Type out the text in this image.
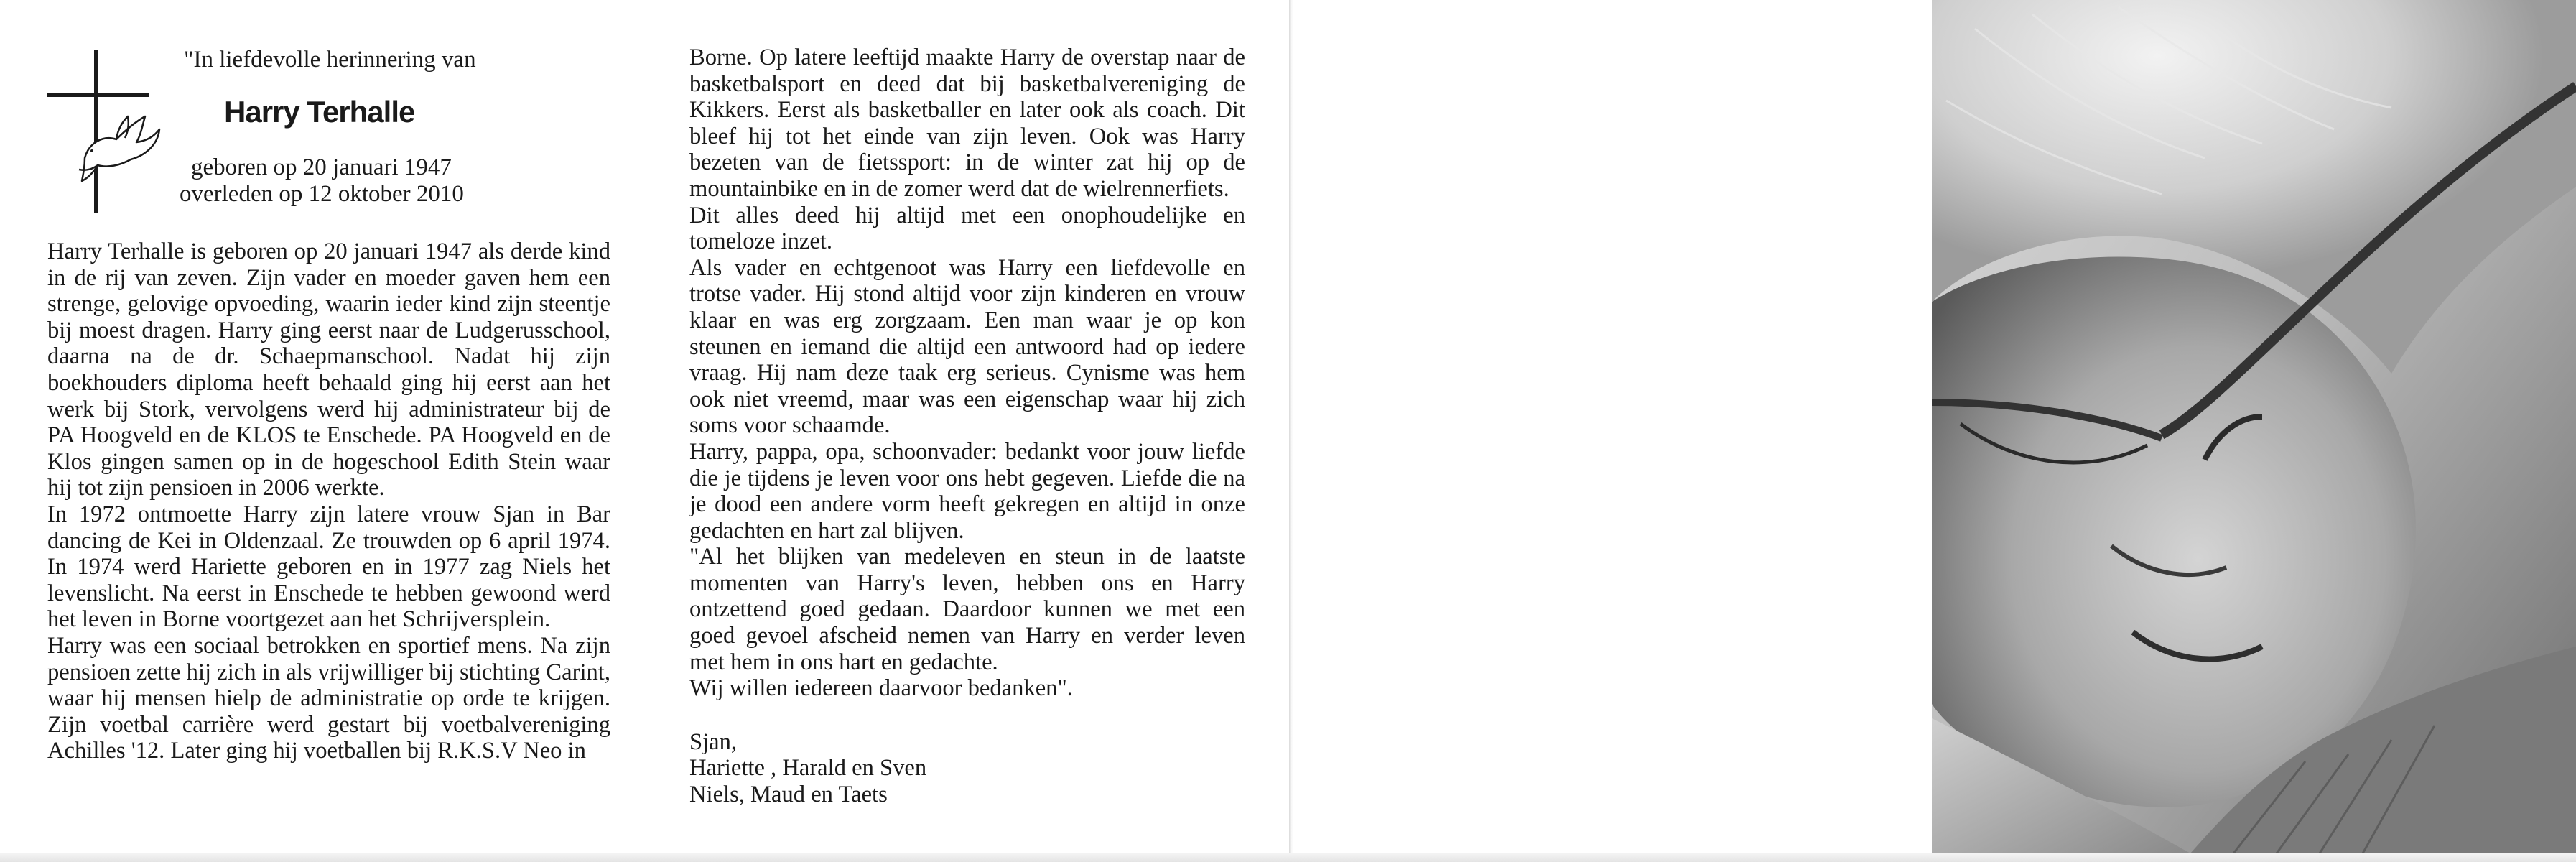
"In liefdevolle herinnering van
Harry Terhalle
geboren op 20 januari 1947
overleden op 12 oktober 2010

Harry Terhalle is geboren op 20 januari 1947 als derde kind in de rij van zeven. Zijn vader en moeder gaven hem een strenge, gelovige opvoeding, waarin ieder kind zijn steentje bij moest dragen. Harry ging eerst naar de Ludgerusschool, daarna na de dr. Schaepmanschool. Nadat hij zijn boekhouders diploma heeft behaald ging hij eerst aan het werk bij Stork, vervolgens werd hij administrateur bij de PA Hoogveld en de KLOS te Enschede. PA Hoogveld en de Klos gingen samen op in de hogeschool Edith Stein waar hij tot zijn pensioen in 2006 werkte.

In 1972 ontmoette Harry zijn latere vrouw Sjan in Bar dancing de Kei in Oldenzaal. Ze trouwden op 6 april 1974. In 1974 werd Hariette geboren en in 1977 zag Niels het levenslicht. Na eerst in Enschede te hebben gewoond werd het leven in Borne voortgezet aan het Schrijversplein.

Harry was een sociaal betrokken en sportief mens. Na zijn pensioen zette hij zich in als vrijwilliger bij stichting Carint, waar hij mensen hielp de administratie op orde te krijgen. Zijn voetbal carrière werd gestart bij voetbalvereniging Achilles '12. Later ging hij voetballen bij R.K.S.V Neo in

Borne. Op latere leeftijd maakte Harry de overstap naar de basketbalsport en deed dat bij basketbalvereniging de Kikkers. Eerst als basketballer en later ook als coach. Dit bleef hij tot het einde van zijn leven. Ook was Harry bezeten van de fietssport: in de winter zat hij op de mountainbike en in de zomer werd dat de wielrennerfiets.

Dit alles deed hij altijd met een onophoudelijke en tomeloze inzet.

Als vader en echtgenoot was Harry een liefdevolle en trotse vader. Hij stond altijd voor zijn kinderen en vrouw klaar en was erg zorgzaam. Een man waar je op kon steunen en iemand die altijd een antwoord had op iedere vraag. Hij nam deze taak erg serieus. Cynisme was hem ook niet vreemd, maar was een eigenschap waar hij zich soms voor schaamde.

Harry, pappa, opa, schoonvader: bedankt voor jouw liefde die je tijdens je leven voor ons hebt gegeven. Liefde die na je dood een andere vorm heeft gekregen en altijd in onze gedachten en hart zal blijven.

"Al het blijken van medeleven en steun in de laatste momenten van Harry's leven, hebben ons en Harry ontzettend goed gedaan. Daardoor kunnen we met een goed gevoel afscheid nemen van Harry en verder leven met hem in ons hart en gedachte.

Wij willen iedereen daarvoor bedanken".

Sjan,
Hariette , Harald en Sven
Niels, Maud en Taets
